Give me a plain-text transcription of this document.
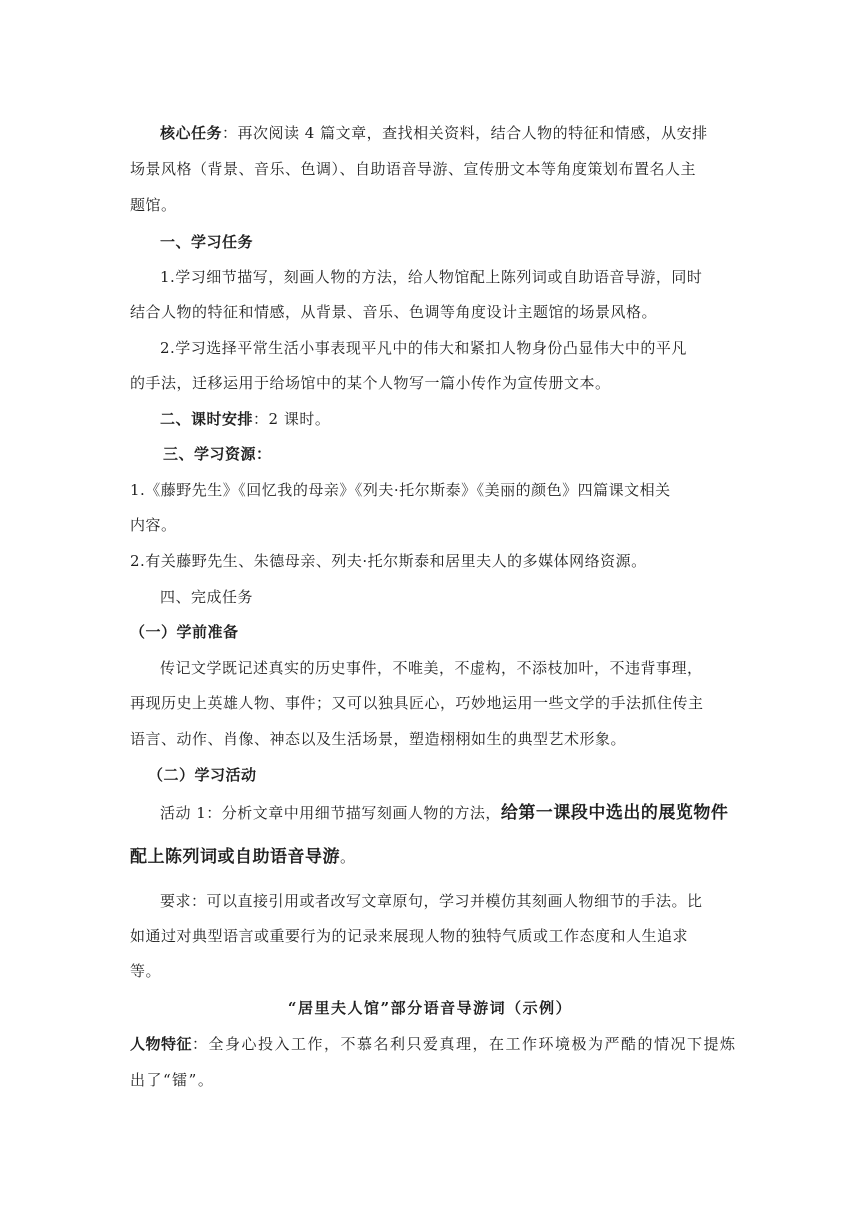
核心任务：再次阅读 4 篇文章，查找相关资料，结合人物的特征和情感，从安排
场景风格（背景、音乐、色调）、自助语音导游、宣传册文本等角度策划布置名人主
题馆。
一、学习任务
1.学习细节描写，刻画人物的方法，给人物馆配上陈列词或自助语音导游，同时
结合人物的特征和情感，从背景、音乐、色调等角度设计主题馆的场景风格。
2.学习选择平常生活小事表现平凡中的伟大和紧扣人物身份凸显伟大中的平凡
的手法，迁移运用于给场馆中的某个人物写一篇小传作为宣传册文本。
二、课时安排：2 课时。
三、学习资源：
1.《藤野先生》《回忆我的母亲》《列夫·托尔斯泰》《美丽的颜色》四篇课文相关
内容。
2.有关藤野先生、朱德母亲、列夫·托尔斯泰和居里夫人的多媒体网络资源。
四、完成任务
（一）学前准备
传记文学既记述真实的历史事件，不唯美，不虚构，不添枝加叶，不违背事理，
再现历史上英雄人物、事件；又可以独具匠心，巧妙地运用一些文学的手法抓住传主
语言、动作、肖像、神态以及生活场景，塑造栩栩如生的典型艺术形象。
（二）学习活动
活动 1：分析文章中用细节描写刻画人物的方法，给第一课段中选出的展览物件
配上陈列词或自助语音导游。
要求：可以直接引用或者改写文章原句，学习并模仿其刻画人物细节的手法。比
如通过对典型语言或重要行为的记录来展现人物的独特气质或工作态度和人生追求
等。
“居里夫人馆”部分语音导游词（示例）
人物特征：全身心投入工作，不慕名利只爱真理，在工作环境极为严酷的情况下提炼
出了“镭”。
